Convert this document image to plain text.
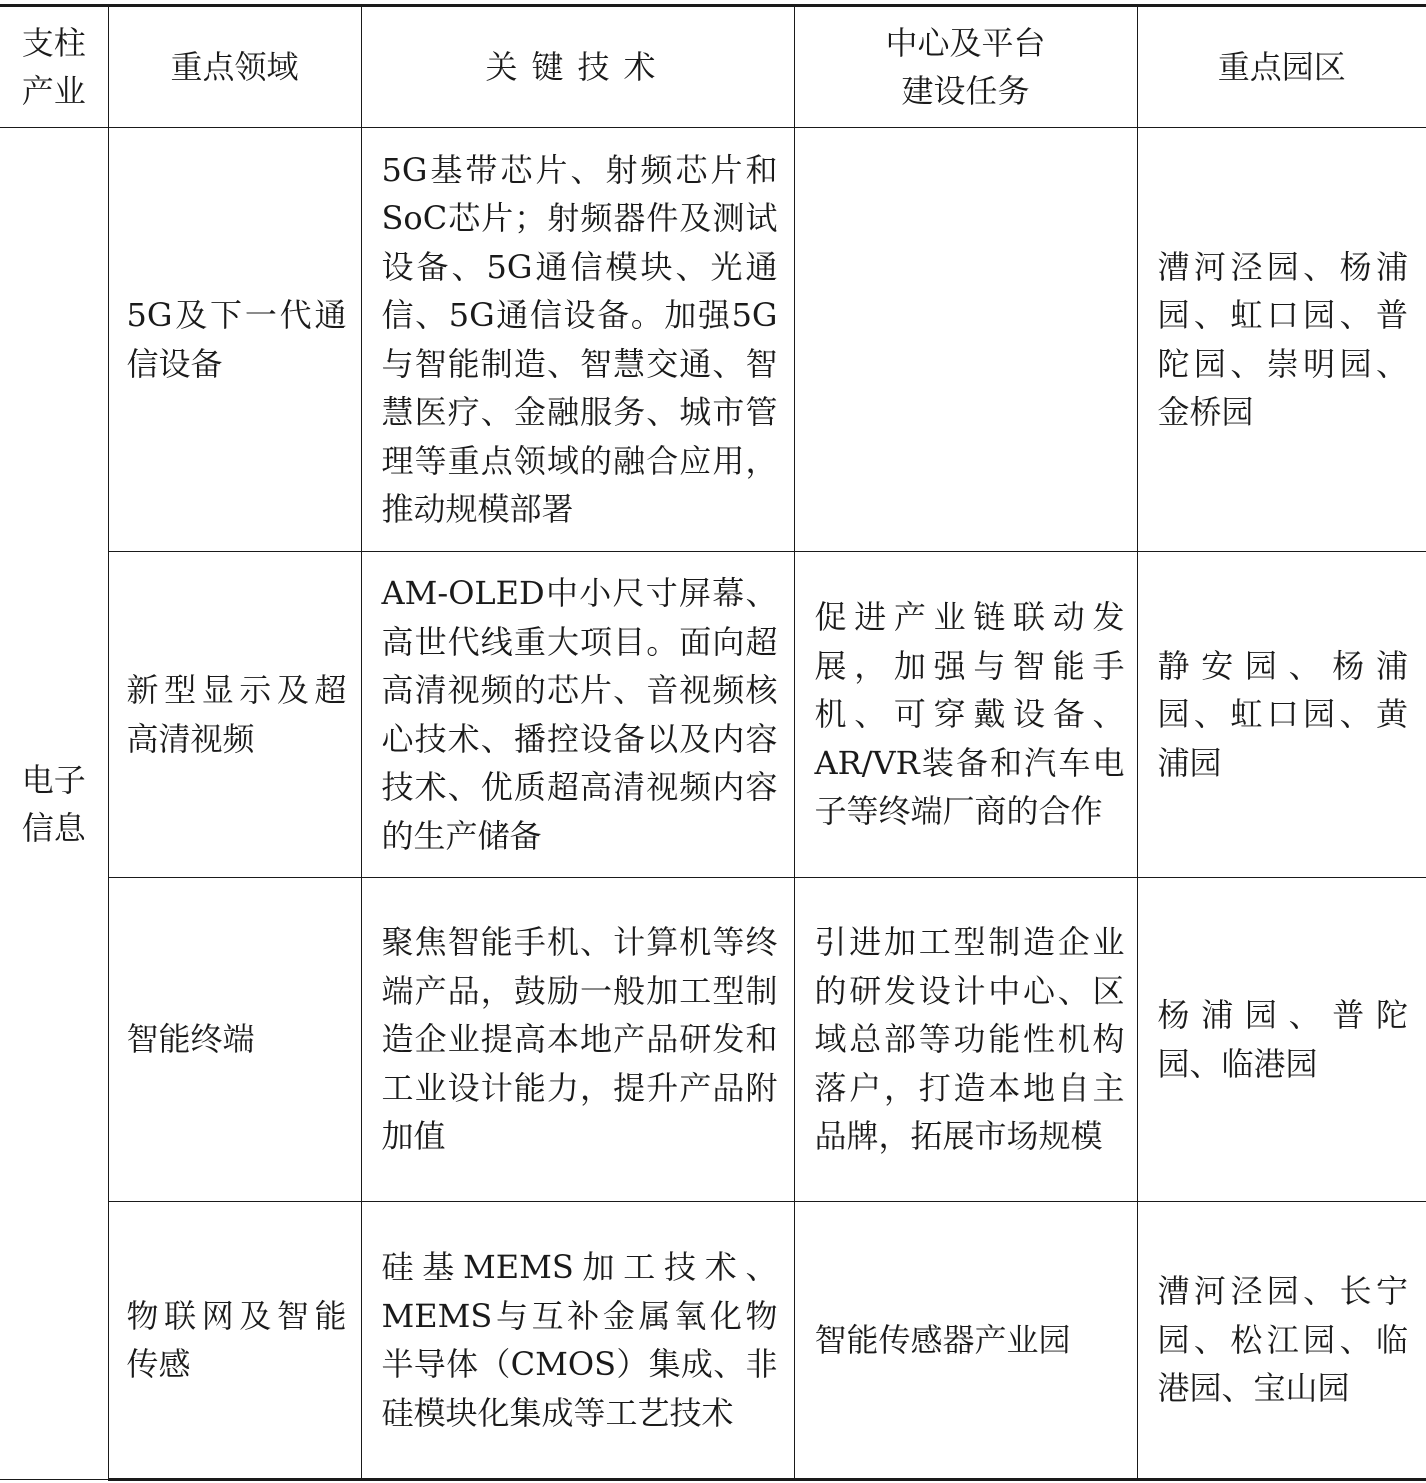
支柱产业	重点领域	关键技术	中心及平台建设任务	重点园区

电子信息	5G及下一代通信设备	5G基带芯片、射频芯片和SoC芯片；射频器件及测试设备、5G通信模块、光通信、5G通信设备。加强5G与智能制造、智慧交通、智慧医疗、金融服务、城市管理等重点领域的融合应用，推动规模部署		漕河泾园、杨浦园、虹口园、普陀园、崇明园、金桥园

	新型显示及超高清视频	AM-OLED中小尺寸屏幕、高世代线重大项目。面向超高清视频的芯片、音视频核心技术、播控设备以及内容技术、优质超高清视频内容的生产储备	促进产业链联动发展，加强与智能手机、可穿戴设备、AR/VR装备和汽车电子等终端厂商的合作	静安园、杨浦园、虹口园、黄浦园

	智能终端	聚焦智能手机、计算机等终端产品，鼓励一般加工型制造企业提高本地产品研发和工业设计能力，提升产品附加值	引进加工型制造企业的研发设计中心、区域总部等功能性机构落户，打造本地自主品牌，拓展市场规模	杨浦园、普陀园、临港园

	物联网及智能传感	硅基MEMS加工技术、MEMS与互补金属氧化物半导体（CMOS）集成、非硅模块化集成等工艺技术	智能传感器产业园	漕河泾园、长宁园、松江园、临港园、宝山园
